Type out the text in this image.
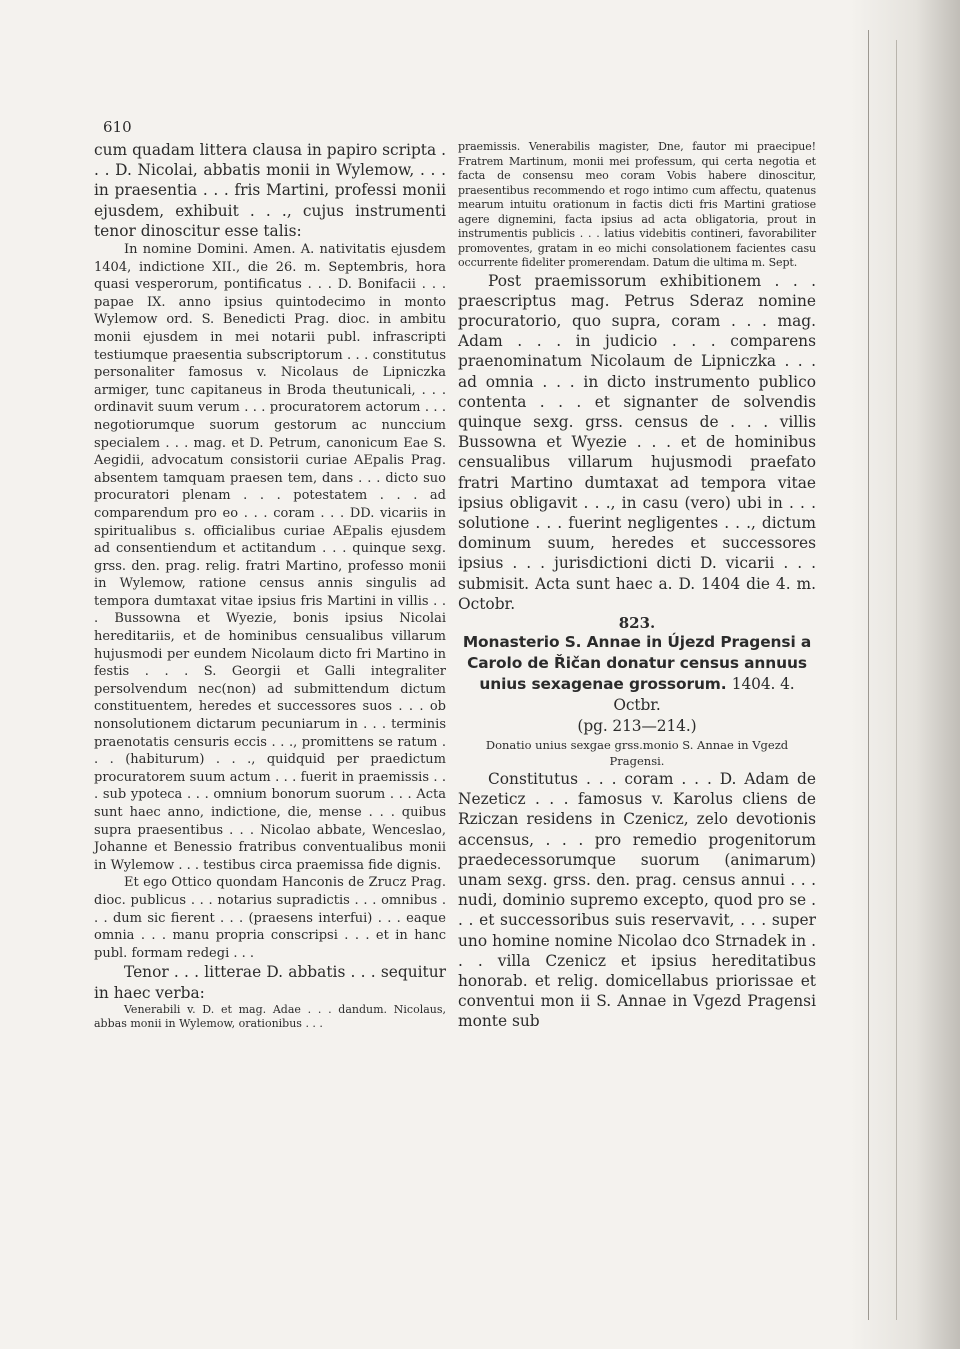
610

cum quadam littera clausa in papiro scripta . . . D. Nicolai, abbatis monii in Wylemow, . . . in praesentia . . . fris Martini, professi monii ejusdem, exhibuit . . ., cujus instrumenti tenor dinoscitur esse talis:

In nomine Domini. Amen. A. nativitatis ejusdem 1404, indictione XII., die 26. m. Septembris, hora quasi vesperorum, pontificatus . . . D. Bonifacii . . . papae IX. anno ipsius quintodecimo in monto Wylemow ord. S. Benedicti Prag. dioc. in ambitu monii ejusdem in mei notarii publ. infrascripti testiumque praesentia subscriptorum . . . constitutus personaliter famosus v. Nicolaus de Lipniczka armiger, tunc capitaneus in Broda theutunicali, . . . ordinavit suum verum . . . procuratorem actorum . . . negotiorumque suorum gestorum ac nunccium specialem . . . mag. et D. Petrum, canonicum Eae S. Aegidii, advocatum consistorii curiae AEpalis Prag. absentem tamquam praesen tem, dans . . . dicto suo procuratori plenam . . . potestatem . . . ad comparendum pro eo . . . coram . . . DD. vicariis in spiritualibus s. officialibus curiae AEpalis ejusdem ad consentiendum et actitandum . . . quinque sexg. grss. den. prag. relig. fratri Martino, professo monii in Wylemow, ratione census annis singulis ad tempora dumtaxat vitae ipsius fris Martini in villis . . . Bussowna et Wyezie, bonis ipsius Nicolai hereditariis, et de hominibus censualibus villarum hujusmodi per eundem Nicolaum dicto fri Martino in festis . . . S. Georgii et Galli integraliter persolvendum nec(non) ad submittendum dictum constituentem, heredes et successores suos . . . ob nonsolutionem dictarum pecuniarum in . . . terminis praenotatis censuris eccis . . ., promittens se ratum . . . (habiturum) . . ., quidquid per praedictum procuratorem suum actum . . . fuerit in praemissis . . . sub ypoteca . . . omnium bonorum suorum . . . Acta sunt haec anno, indictione, die, mense . . . quibus supra praesentibus . . . Nicolao abbate, Wenceslao, Johanne et Benessio fratribus conventualibus monii in Wylemow . . . testibus circa praemissa fide dignis.

Et ego Ottico quondam Hanconis de Zrucz Prag. dioc. publicus . . . notarius supradictis . . . omnibus . . . dum sic fierent . . . (praesens interfui) . . . eaque omnia . . . manu propria conscripsi . . . et in hanc publ. formam redegi . . .

Tenor . . . litterae D. abbatis . . . sequitur in haec verba:

Venerabili v. D. et mag. Adae . . . dandum. Nicolaus, abbas monii in Wylemow, orationibus . . .

praemissis. Venerabilis magister, Dne, fautor mi praecipue! Fratrem Martinum, monii mei professum, qui certa negotia et facta de consensu meo coram Vobis habere dinoscitur, praesentibus recommendo et rogo intimo cum affectu, quatenus mearum intuitu orationum in factis dicti fris Martini gratiose agere dignemini, facta ipsius ad acta obligatoria, prout in instrumentis publicis . . . latius videbitis contineri, favorabiliter promoventes, gratam in eo michi consolationem facientes casu occurrente fideliter promerendam. Datum die ultima m. Sept.

Post praemissorum exhibitionem . . . praescriptus mag. Petrus Sderaz nomine procuratorio, quo supra, coram . . . mag. Adam . . . in judicio . . . comparens praenominatum Nicolaum de Lipniczka . . . ad omnia . . . in dicto instrumento publico contenta . . . et signanter de solvendis quinque sexg. grss. census de . . . villis Bussowna et Wyezie . . . et de hominibus censualibus villarum hujusmodi praefato fratri Martino dumtaxat ad tempora vitae ipsius obligavit . . ., in casu (vero) ubi in . . . solutione . . . fuerint negligentes . . ., dictum dominum suum, heredes et successores ipsius . . . jurisdictioni dicti D. vicarii . . . submisit. Acta sunt haec a. D. 1404 die 4. m. Octobr.

823.
Monasterio S. Annae in Újezd Pragensi a Carolo de Řičan donatur census annuus unius sexagenae grossorum. 1404. 4. Octbr.
(pg. 213—214.)
Donatio unius sexgae grss.monio S. Annae in Vgezd Pragensi.

Constitutus . . . coram . . . D. Adam de Nezeticz . . . famosus v. Karolus cliens de Rziczan residens in Czenicz, zelo devotionis accensus, . . . pro remedio progenitorum praedecessorumque suorum (animarum) unam sexg. grss. den. prag. census annui . . . nudi, dominio supremo excepto, quod pro se . . . et successoribus suis reservavit, . . . super uno homine nomine Nicolao dco Strnadek in . . . villa Czenicz et ipsius hereditatibus honorab. et relig. domicellabus priorissae et conventui mon ii S. Annae in Vgezd Pragensi monte sub
